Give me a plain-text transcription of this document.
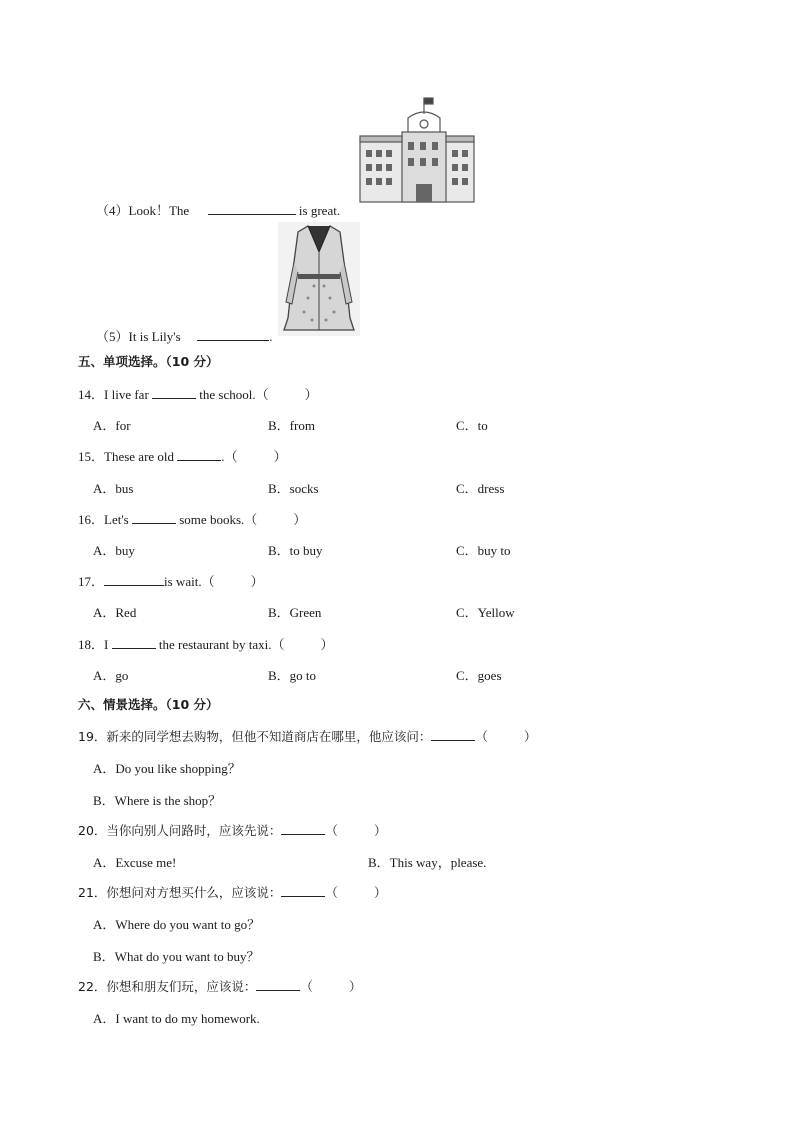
（4）Look！The	is great.
（5）It is Lily's	.
五、单项选择。（10 分）
14．I live far	the school.（	）
A．for	B．from	C．to
15．These are old	.（	）
A．bus	B．socks	C．dress
16．Let's	some books.（	）
A．buy	B．to buy	C．buy to
17．	is wait.（	）
A．Red	B．Green	C．Yellow
18．I	the restaurant by taxi.（	）
A．go	B．go to	C．goes
六、情景选择。（10 分）
19．新来的同学想去购物，但他不知道商店在哪里，他应该问：	（	）
A．Do you like shopping？
B．Where is the shop？
20．当你向别人问路时，应该先说：	（	）
A．Excuse me!	B．This way，please.
21．你想问对方想买什么，应该说：	（	）
A．Where do you want to go？
B．What do you want to buy？
22．你想和朋友们玩，应该说：	（	）
A．I want to do my homework.
